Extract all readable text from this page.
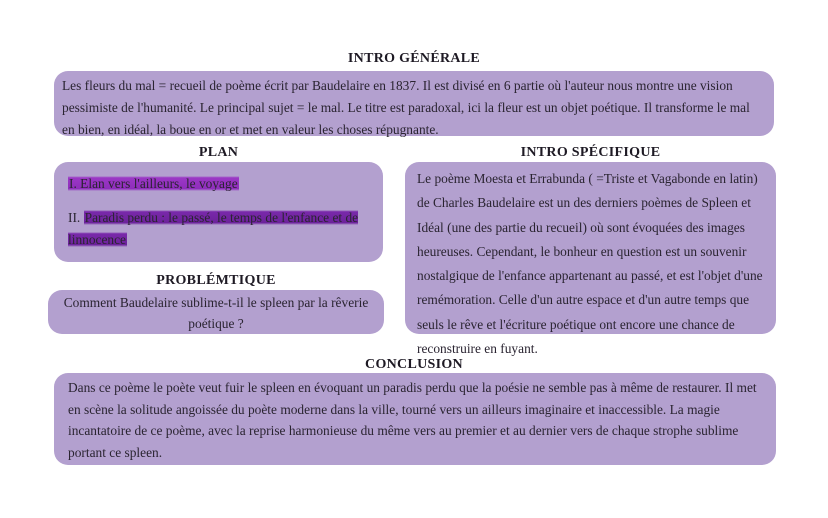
INTRO GÉNÉRALE
Les fleurs du mal = recueil de poème écrit par Baudelaire en 1837. Il est divisé en 6 partie où l'auteur nous montre une vision pessimiste de l'humanité. Le principal sujet = le mal. Le titre est paradoxal, ici la fleur est un objet poétique. Il transforme le mal en bien, en idéal, la boue en or et met en valeur les choses répugnante.
PLAN
I. Elan vers l'ailleurs, le voyage
II. Paradis perdu : le passé, le temps de l'enfance et de linnocence
PROBLÉMTIQUE
Comment Baudelaire sublime-t-il le spleen par la rêverie poétique ?
INTRO SPÉCIFIQUE
Le poème Moesta et Errabunda ( =Triste et Vagabonde en latin) de Charles Baudelaire est un des derniers poèmes de Spleen et Idéal (une des partie du recueil) où sont évoquées des images heureuses. Cependant, le bonheur en question est un souvenir nostalgique de l'enfance appartenant au passé, et est l'objet d'une remémoration. Celle d'un autre espace et d'un autre temps que seuls le rêve et l'écriture poétique ont encore une chance de reconstruire en fuyant.
CONCLUSION
Dans ce poème le poète veut fuir le spleen en évoquant un paradis perdu que la poésie ne semble pas à même de restaurer. Il met en scène la solitude angoissée du poète moderne dans la ville, tourné vers un ailleurs imaginaire et inaccessible. La magie incantatoire de ce poème, avec la reprise harmonieuse du même vers au premier et au dernier vers de chaque strophe sublime portant ce spleen.
